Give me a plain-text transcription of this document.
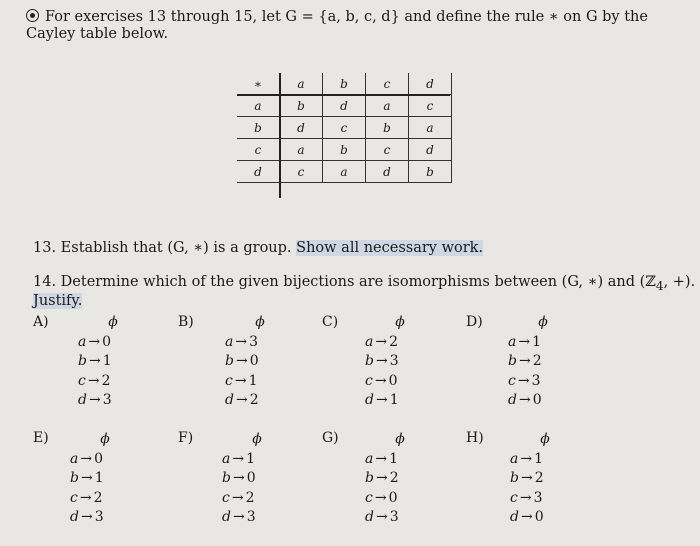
For exercises 13 through 15, let G = {a, b, c, d} and define the rule ∗ on G by the Cayley table below.
∗	a	b	c	d
a	b	d	a	c
b	d	c	b	a
c	a	b	c	d
d	c	a	d	b
13. Establish that (G, ∗) is a group. Show all necessary work.
14. Determine which of the given bijections are isomorphisms between (G, ∗) and (ℤ$_4$, +). Justify.
A)	ϕ
a → 0
b → 1
c → 2
d → 3
B)	ϕ
a → 3
b → 0
c → 1
d → 2
C)	ϕ
a → 2
b → 3
c → 0
d → 1
D)	ϕ
a → 1
b → 2
c → 3
d → 0
E)	ϕ
a → 0
b → 1
c → 2
d → 3
F)	ϕ
a → 1
b → 0
c → 2
d → 3
G)	ϕ
a → 1
b → 2
c → 0
d → 3
H)	ϕ
a → 1
b → 2
c → 3
d → 0
